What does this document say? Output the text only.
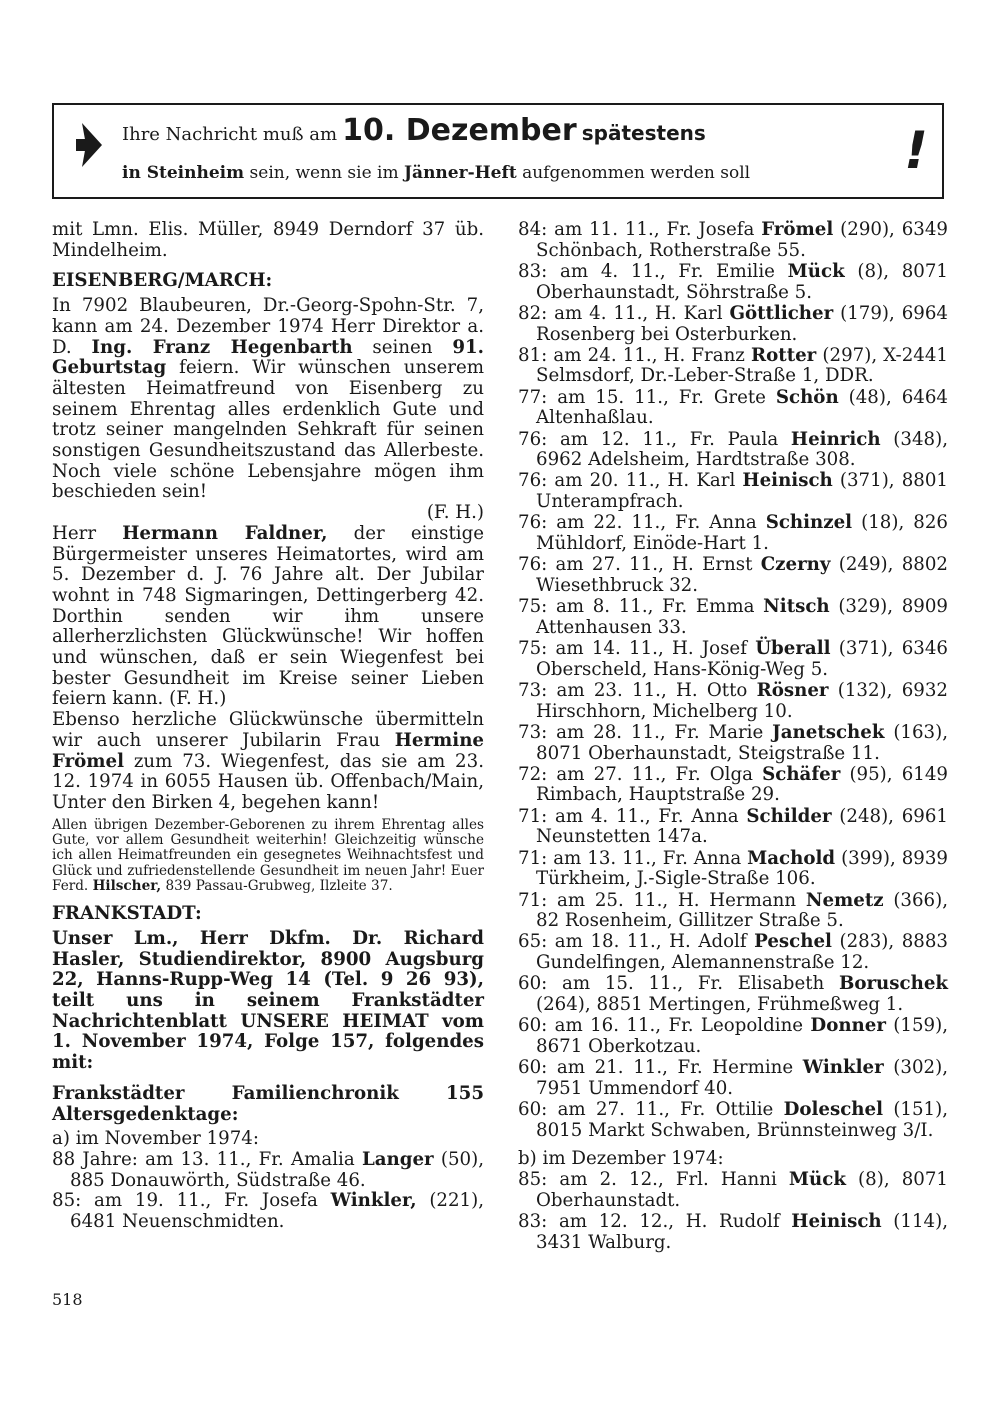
Ihre Nachricht muß am 10. Dezember spätestens
in Steinheim sein, wenn sie im Jänner-Heft aufgenommen werden soll	!

mit Lmn. Elis. Müller, 8949 Derndorf 37 üb. Mindelheim.

EISENBERG/MARCH:

In 7902 Blaubeuren, Dr.-Georg-Spohn-Str. 7, kann am 24. Dezember 1974 Herr Direktor a. D. Ing. Franz Hegenbarth seinen 91. Geburtstag feiern. Wir wünschen unserem ältesten Heimatfreund von Eisenberg zu seinem Ehrentag alles erdenklich Gute und trotz seiner mangelnden Sehkraft für seinen sonstigen Gesundheitszustand das Allerbeste. Noch viele schöne Lebensjahre mögen ihm beschieden sein!

(F. H.)

Herr Hermann Faldner, der einstige Bürgermeister unseres Heimatortes, wird am 5. Dezember d. J. 76 Jahre alt. Der Jubilar wohnt in 748 Sigmaringen, Dettingerberg 42. Dorthin senden wir ihm unsere allerherzlichsten Glückwünsche! Wir hoffen und wünschen, daß er sein Wiegenfest bei bester Gesundheit im Kreise seiner Lieben feiern kann. (F. H.)

Ebenso herzliche Glückwünsche übermitteln wir auch unserer Jubilarin Frau Hermine Frömel zum 73. Wiegenfest, das sie am 23. 12. 1974 in 6055 Hausen üb. Offenbach/Main, Unter den Birken 4, begehen kann!

Allen übrigen Dezember-Geborenen zu ihrem Ehrentag alles Gute, vor allem Gesundheit weiterhin! Gleichzeitig wünsche ich allen Heimatfreunden ein gesegnetes Weihnachtsfest und Glück und zufriedenstellende Gesundheit im neuen Jahr! Euer Ferd. Hilscher, 839 Passau-Grubweg, Ilzleite 37.

FRANKSTADT:

Unser Lm., Herr Dkfm. Dr. Richard Hasler, Studiendirektor, 8900 Augsburg 22, Hanns-Rupp-Weg 14 (Tel. 9 26 93), teilt uns in seinem Frankstädter Nachrichtenblatt UNSERE HEIMAT vom 1. November 1974, Folge 157, folgendes mit:

Frankstädter Familienchronik 155 Altersgedenktage:

a) im November 1974:

88 Jahre: am 13. 11., Fr. Amalia Langer (50), 885 Donauwörth, Südstraße 46.

85: am 19. 11., Fr. Josefa Winkler, (221), 6481 Neuenschmidten.

84: am 11. 11., Fr. Josefa Frömel (290), 6349 Schönbach, Rotherstraße 55.

83: am 4. 11., Fr. Emilie Mück (8), 8071 Oberhaunstadt, Söhrstraße 5.

82: am 4. 11., H. Karl Göttlicher (179), 6964 Rosenberg bei Osterburken.

81: am 24. 11., H. Franz Rotter (297), X-2441 Selmsdorf, Dr.-Leber-Straße 1, DDR.

77: am 15. 11., Fr. Grete Schön (48), 6464 Altenhaßlau.

76: am 12. 11., Fr. Paula Heinrich (348), 6962 Adelsheim, Hardtstraße 308.

76: am 20. 11., H. Karl Heinisch (371), 8801 Unterampfrach.

76: am 22. 11., Fr. Anna Schinzel (18), 826 Mühldorf, Einöde-Hart 1.

76: am 27. 11., H. Ernst Czerny (249), 8802 Wiesethbruck 32.

75: am 8. 11., Fr. Emma Nitsch (329), 8909 Attenhausen 33.

75: am 14. 11., H. Josef Überall (371), 6346 Oberscheld, Hans-König-Weg 5.

73: am 23. 11., H. Otto Rösner (132), 6932 Hirschhorn, Michelberg 10.

73: am 28. 11., Fr. Marie Janetschek (163), 8071 Oberhaunstadt, Steigstraße 11.

72: am 27. 11., Fr. Olga Schäfer (95), 6149 Rimbach, Hauptstraße 29.

71: am 4. 11., Fr. Anna Schilder (248), 6961 Neunstetten 147a.

71: am 13. 11., Fr. Anna Machold (399), 8939 Türkheim, J.-Sigle-Straße 106.

71: am 25. 11., H. Hermann Nemetz (366), 82 Rosenheim, Gillitzer Straße 5.

65: am 18. 11., H. Adolf Peschel (283), 8883 Gundelfingen, Alemannenstraße 12.

60: am 15. 11., Fr. Elisabeth Boruschek (264), 8851 Mertingen, Frühmeßweg 1.

60: am 16. 11., Fr. Leopoldine Donner (159), 8671 Oberkotzau.

60: am 21. 11., Fr. Hermine Winkler (302), 7951 Ummendorf 40.

60: am 27. 11., Fr. Ottilie Doleschel (151), 8015 Markt Schwaben, Brünnsteinweg 3/I.

b) im Dezember 1974:

85: am 2. 12., Frl. Hanni Mück (8), 8071 Oberhaunstadt.

83: am 12. 12., H. Rudolf Heinisch (114), 3431 Walburg.

518
